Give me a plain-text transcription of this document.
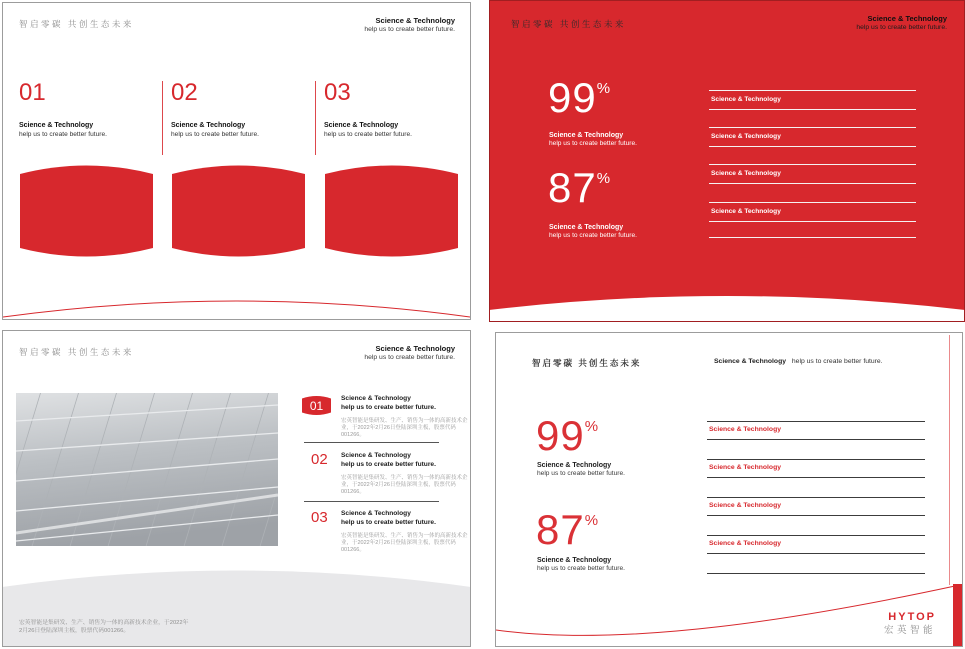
智启零碳 共创生态未来	Science & Technology
help us to create better future.
01
Science & Technology
help us to create better future.
02
Science & Technology
help us to create better future.
03
Science & Technology
help us to create better future.
智启零碳 共创生态未来
Science & Technology
help us to create better future.
99%
Science & Technology
help us to create better future.
87%
Science & Technology
help us to create better future.
Science & Technology
Science & Technology
Science & Technology
Science & Technology
智启零碳 共创生态未来	Science & Technology
help us to create better future.
01	Science & Technology
help us to create better future.
宏英智能是集研发、生产、销售为一体的高新技术企业，于2022年2月26日登陆深圳主板，股票代码001266。
02 Science & Technology
help us to create better future.
宏英智能是集研发、生产、销售为一体的高新技术企业，于2022年2月26日登陆深圳主板，股票代码001266。
03 Science & Technology
help us to create better future.
宏英智能是集研发、生产、销售为一体的高新技术企业，于2022年2月26日登陆深圳主板，股票代码001266。
宏英智能是集研发、生产、销售为一体的高新技术企业，于2022年
2月26日登陆深圳主板，股票代码001266。
智启零碳 共创生态未来	Science & Technology help us to create better future.
99%
Science & Technology
help us to create better future.
87%
Science & Technology
help us to create better future.
Science & Technology
Science & Technology
Science & Technology
Science & Technology
HYTOP
宏英智能
